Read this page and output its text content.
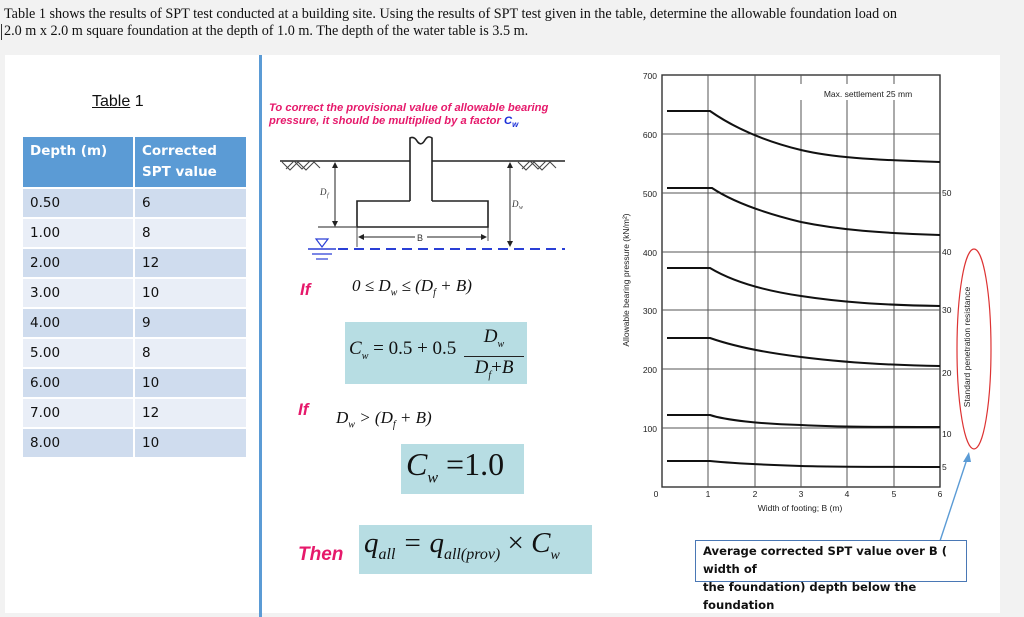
Table 1 shows the results of SPT test conducted at a building site. Using the results of SPT test given in the table, determine the allowable foundation load on
2.0 m x 2.0 m square foundation at the depth of 1.0 m. The depth of the water table is 3.5 m.
Table 1
Depth (m)	Corrected
SPT value

0.50	6
1.00	8
2.00	12
3.00	10
4.00	9
5.00	8
6.00	10
7.00	12
8.00	10
To correct the provisional value of allowable bearing
pressure, it should be multiplied by a factor $C_w$
D f
D w
B
If $0 \le D_w \le (D_f + B)$
$C_w = 0.5 + 0.5$
$D_w$
$D_f+B$
If $D_w > (D_f + B)$
$C_w =1.0$
Then $q_{all} = q_{all(prov)} \times C_w$
700
600
500
400
300
200
100
0	1	2	3	4	5	6
50
40
30
20
10
5
Max. settlement 25 mm
Width of footing; B (m)
Allowable bearing pressure (kN/m²)
Standard penetration resistance
Average corrected SPT value over B ( width of
the foundation) depth below the foundation
